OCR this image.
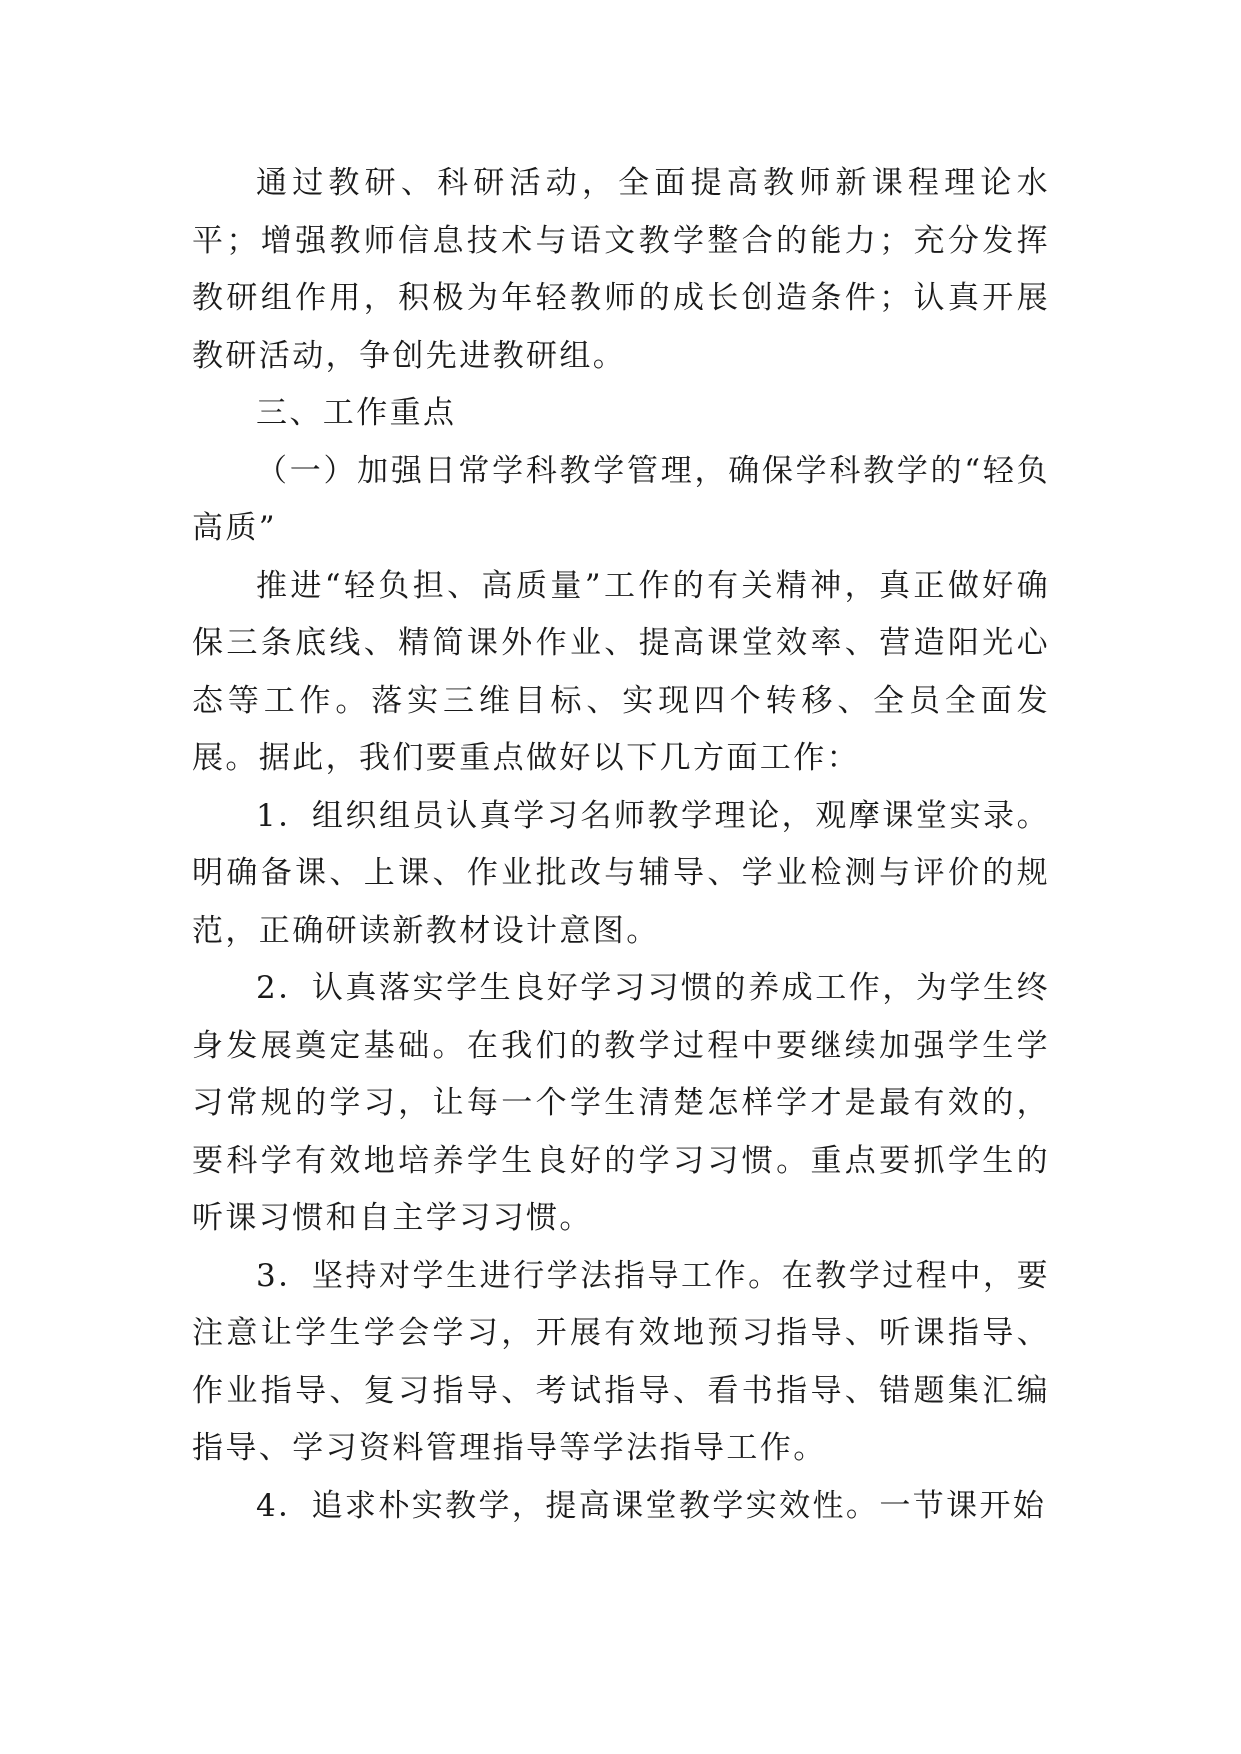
通过教研、科研活动，全面提高教师新课程理论水平；增强教师信息技术与语文教学整合的能力；充分发挥教研组作用，积极为年轻教师的成长创造条件；认真开展教研活动，争创先进教研组。

三、工作重点

（一）加强日常学科教学管理，确保学科教学的“轻负高质”

推进“轻负担、高质量”工作的有关精神，真正做好确保三条底线、精简课外作业、提高课堂效率、营造阳光心态等工作。落实三维目标、实现四个转移、全员全面发展。据此，我们要重点做好以下几方面工作：

1．组织组员认真学习名师教学理论，观摩课堂实录。明确备课、上课、作业批改与辅导、学业检测与评价的规范，正确研读新教材设计意图。

2．认真落实学生良好学习习惯的养成工作，为学生终身发展奠定基础。在我们的教学过程中要继续加强学生学习常规的学习，让每一个学生清楚怎样学才是最有效的，要科学有效地培养学生良好的学习习惯。重点要抓学生的听课习惯和自主学习习惯。

3．坚持对学生进行学法指导工作。在教学过程中，要注意让学生学会学习，开展有效地预习指导、听课指导、作业指导、复习指导、考试指导、看书指导、错题集汇编指导、学习资料管理指导等学法指导工作。

4．追求朴实教学，提高课堂教学实效性。一节课开始
